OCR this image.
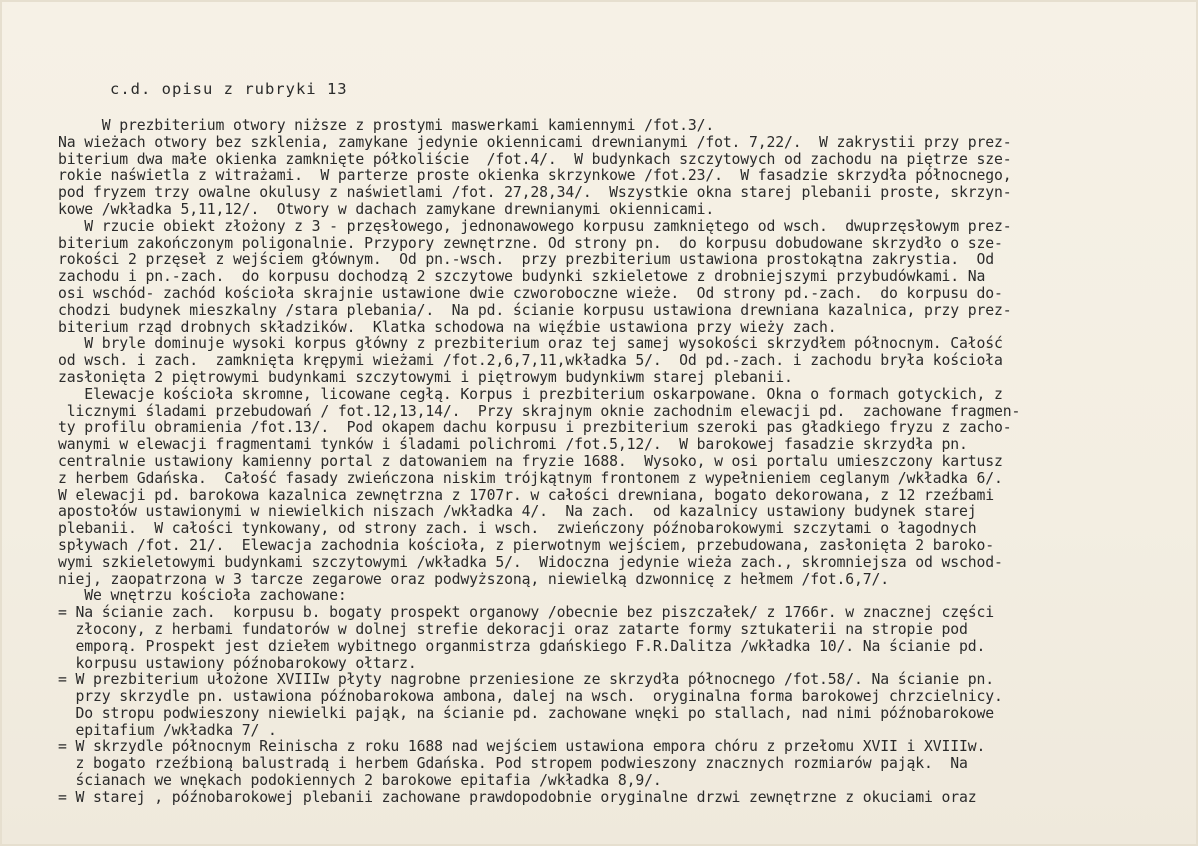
c.d. opisu z rubryki 13
W prezbiterium otwory niższe z prostymi maswerkami kamiennymi /fot.3/.
Na wieżach otwory bez szklenia, zamykane jedynie okiennicami drewnianymi /fot. 7,22/.  W zakrystii przy prez-
biterium dwa małe okienka zamknięte półkoliście  /fot.4/.  W budynkach szczytowych od zachodu na piętrze sze-
rokie naświetla z witrażami.  W parterze proste okienka skrzynkowe /fot.23/.  W fasadzie skrzydła północnego,
pod fryzem trzy owalne okulusy z naświetlami /fot. 27,28,34/.  Wszystkie okna starej plebanii proste, skrzyn-
kowe /wkładka 5,11,12/.  Otwory w dachach zamykane drewnianymi okiennicami.
W rzucie obiekt złożony z 3 - przęsłowego, jednonawowego korpusu zamkniętego od wsch.  dwuprzęsłowym prez-
biterium zakończonym poligonalnie. Przypory zewnętrzne. Od strony pn.  do korpusu dobudowane skrzydło o sze-
rokości 2 przęseł z wejściem głównym.  Od pn.-wsch.  przy prezbiterium ustawiona prostokątna zakrystia.  Od
zachodu i pn.-zach.  do korpusu dochodzą 2 szczytowe budynki szkieletowe z drobniejszymi przybudówkami. Na
osi wschód- zachód kościoła skrajnie ustawione dwie czworoboczne wieże.  Od strony pd.-zach.  do korpusu do-
chodzi budynek mieszkalny /stara plebania/.  Na pd. ścianie korpusu ustawiona drewniana kazalnica, przy prez-
biterium rząd drobnych składzików.  Klatka schodowa na więźbie ustawiona przy wieży zach.
W bryle dominuje wysoki korpus główny z prezbiterium oraz tej samej wysokości skrzydłem północnym. Całość
od wsch. i zach.  zamknięta krępymi wieżami /fot.2,6,7,11,wkładka 5/.  Od pd.-zach. i zachodu bryła kościoła
zasłonięta 2 piętrowymi budynkami szczytowymi i piętrowym budynkiwm starej plebanii.
Elewacje kościoła skromne, licowane cegłą. Korpus i prezbiterium oskarpowane. Okna o formach gotyckich, z
licznymi śladami przebudowań / fot.12,13,14/.  Przy skrajnym oknie zachodnim elewacji pd.  zachowane fragmen-
ty profilu obramienia /fot.13/.  Pod okapem dachu korpusu i prezbiterium szeroki pas gładkiego fryzu z zacho-
wanymi w elewacji fragmentami tynków i śladami polichromi /fot.5,12/.  W barokowej fasadzie skrzydła pn.
centralnie ustawiony kamienny portal z datowaniem na fryzie 1688.  Wysoko, w osi portalu umieszczony kartusz
z herbem Gdańska.  Całość fasady zwieńczona niskim trójkątnym frontonem z wypełnieniem ceglanym /wkładka 6/.
W elewacji pd. barokowa kazalnica zewnętrzna z 1707r. w całości drewniana, bogato dekorowana, z 12 rzeźbami
apostołów ustawionymi w niewielkich niszach /wkładka 4/.  Na zach.  od kazalnicy ustawiony budynek starej
plebanii.  W całości tynkowany, od strony zach. i wsch.  zwieńczony późnobarokowymi szczytami o łagodnych
spływach /fot. 21/.  Elewacja zachodnia kościoła, z pierwotnym wejściem, przebudowana, zasłonięta 2 baroko-
wymi szkieletowymi budynkami szczytowymi /wkładka 5/.  Widoczna jedynie wieża zach., skromniejsza od wschod-
niej, zaopatrzona w 3 tarcze zegarowe oraz podwyższoną, niewielką dzwonnicę z hełmem /fot.6,7/.
We wnętrzu kościoła zachowane:
= Na ścianie zach.  korpusu b. bogaty prospekt organowy /obecnie bez piszczałek/ z 1766r. w znacznej części
złocony, z herbami fundatorów w dolnej strefie dekoracji oraz zatarte formy sztukaterii na stropie pod
emporą. Prospekt jest dziełem wybitnego organmistrza gdańskiego F.R.Dalitza /wkładka 10/. Na ścianie pd.
korpusu ustawiony późnobarokowy ołtarz.
= W prezbiterium ułożone XVIIIw płyty nagrobne przeniesione ze skrzydła północnego /fot.58/. Na ścianie pn.
przy skrzydle pn. ustawiona późnobarokowa ambona, dalej na wsch.  oryginalna forma barokowej chrzcielnicy.
Do stropu podwieszony niewielki pająk, na ścianie pd. zachowane wnęki po stallach, nad nimi późnobarokowe
epitafium /wkładka 7/ .
= W skrzydle północnym Reinischa z roku 1688 nad wejściem ustawiona empora chóru z przełomu XVII i XVIIIw.
z bogato rzeźbioną balustradą i herbem Gdańska. Pod stropem podwieszony znacznych rozmiarów pająk.  Na
ścianach we wnękach podokiennych 2 barokowe epitafia /wkładka 8,9/.
= W starej , późnobarokowej plebanii zachowane prawdopodobnie oryginalne drzwi zewnętrzne z okuciami oraz
